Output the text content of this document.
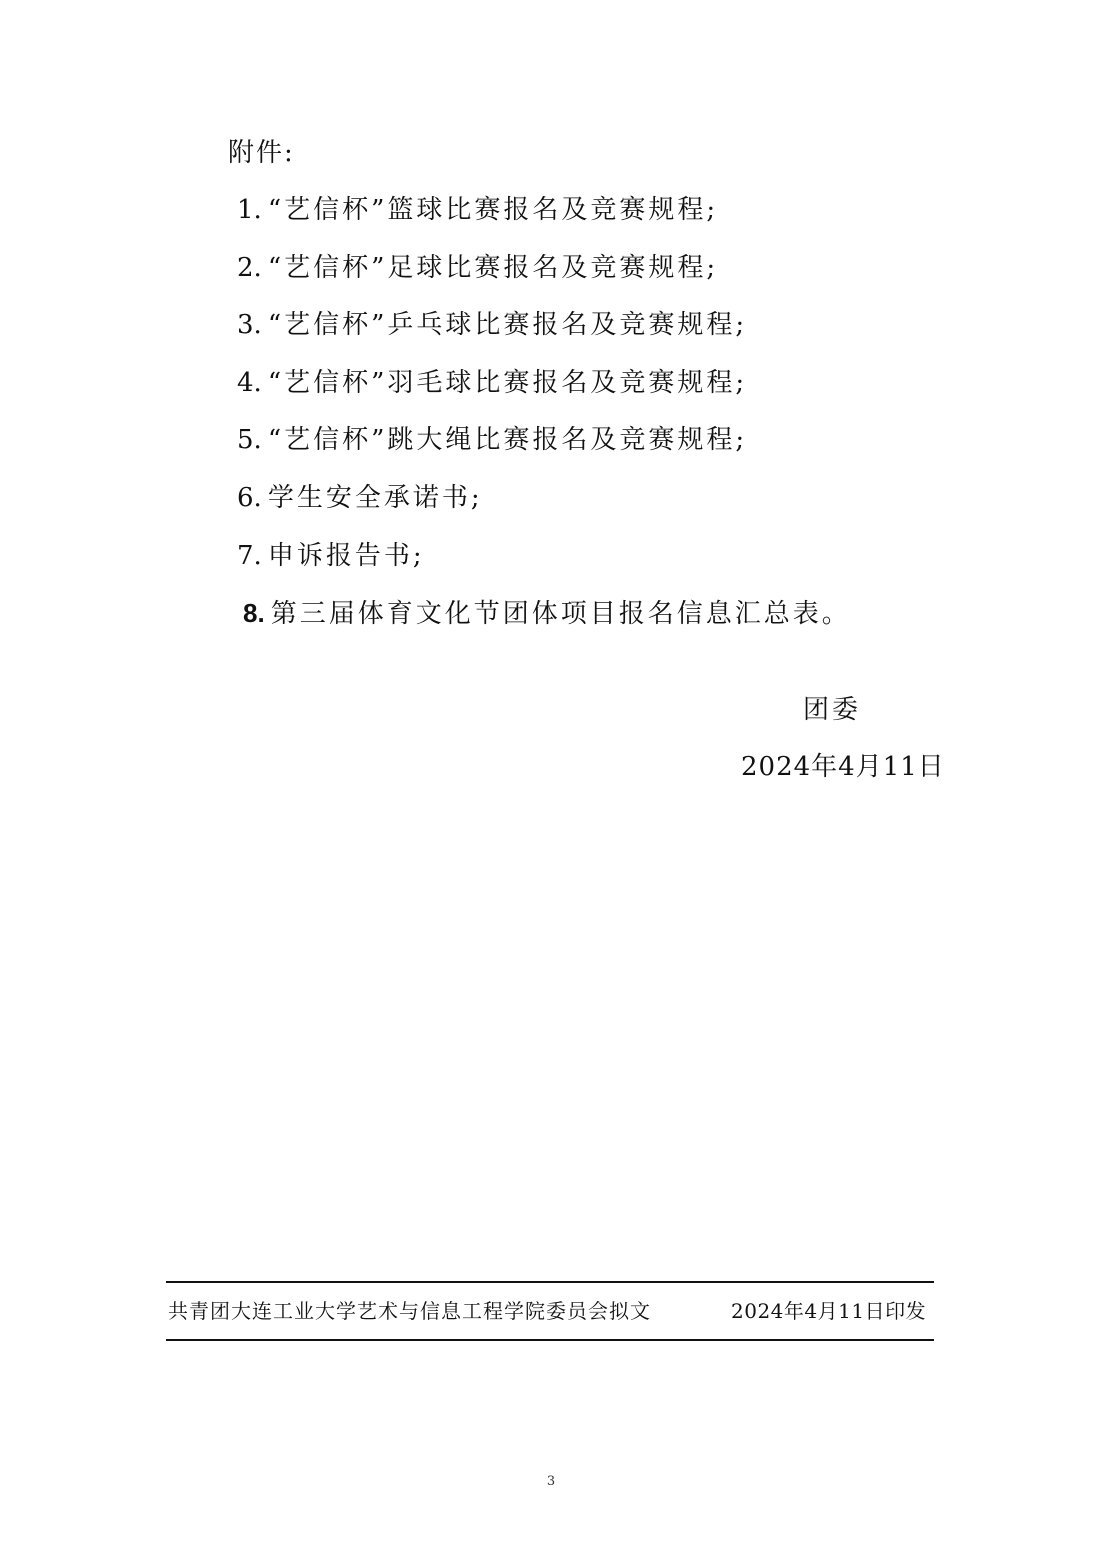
附件:
1. “艺信杯”篮球比赛报名及竞赛规程;
2. “艺信杯”足球比赛报名及竞赛规程;
3. “艺信杯”乒乓球比赛报名及竞赛规程;
4. “艺信杯”羽毛球比赛报名及竞赛规程;
5. “艺信杯”跳大绳比赛报名及竞赛规程;
6. 学生安全承诺书;
7. 申诉报告书;
8. 第三届体育文化节团体项目报名信息汇总表。
团委
2024年4月11日
共青团大连工业大学艺术与信息工程学院委员会拟文	2024年4月11日印发
3
